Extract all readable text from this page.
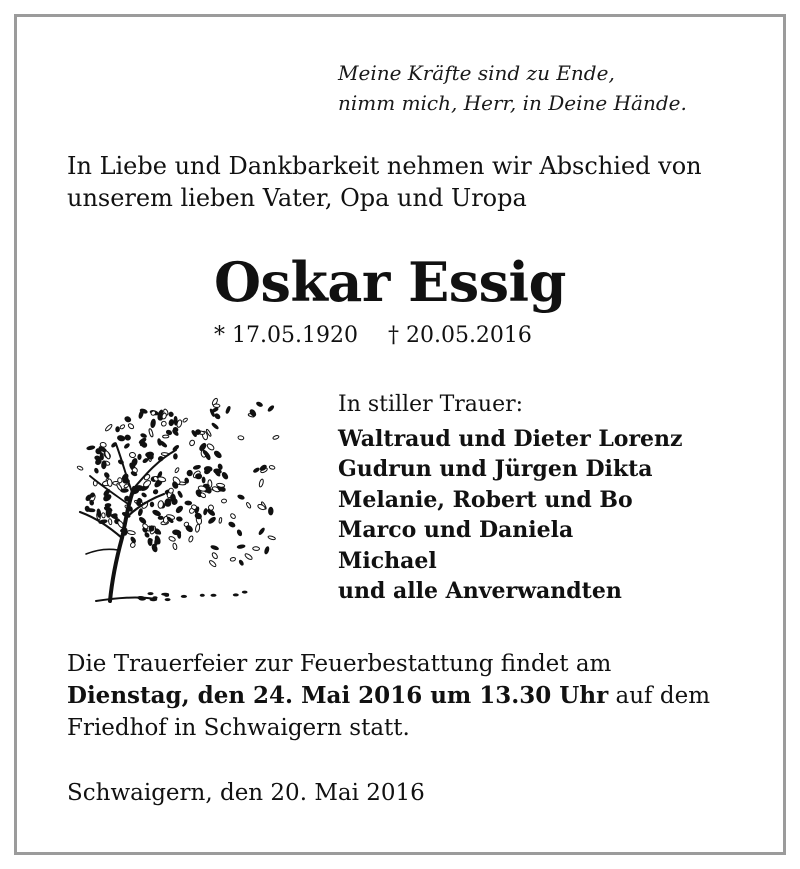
Meine Kräfte sind zu Ende,
nimm mich, Herr, in Deine Hände.
In Liebe und Dankbarkeit nehmen wir Abschied von
unserem lieben Vater, Opa und Uropa
Oskar Essig
* 17.05.1920 † 20.05.2016
In stiller Trauer:
Waltraud und Dieter Lorenz
Gudrun und Jürgen Dikta
Melanie, Robert und Bo
Marco und Daniela
Michael
und alle Anverwandten
Die Trauerfeier zur Feuerbestattung findet am
Dienstag, den 24. Mai 2016 um 13.30 Uhr auf dem
Friedhof in Schwaigern statt.
Schwaigern, den 20. Mai 2016
